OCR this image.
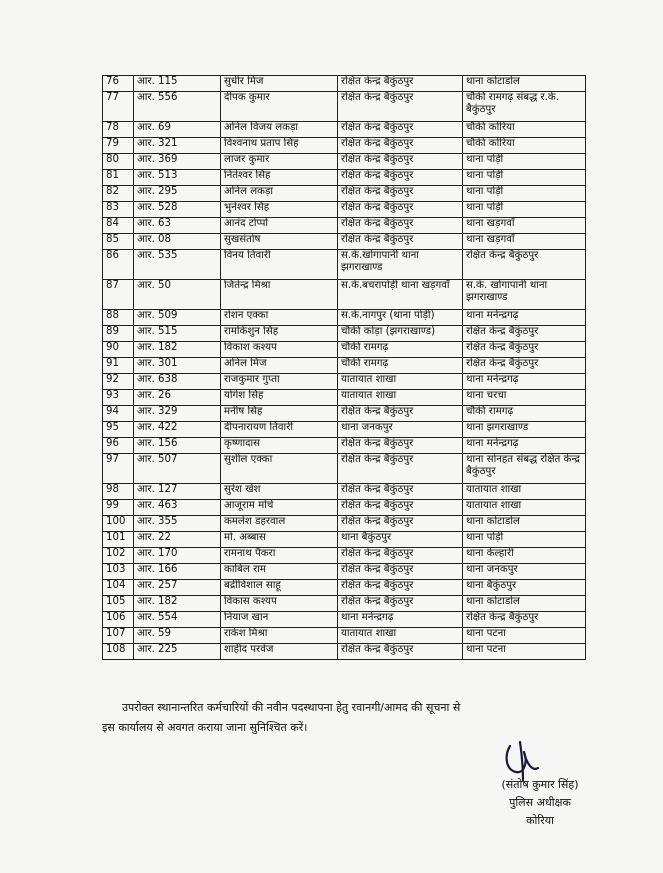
76	आर. 115	सुधीर मिंज	रक्षित केन्द्र बैकुंठपुर	थाना कोटाडोल
77	आर. 556	दीपक कुमार	रक्षित केन्द्र बैकुंठपुर	चौकी रामगढ़ संबद्ध र.के. बैकुंठपुर
78	आर. 69	अनिल विजय लकड़ा	रक्षित केन्द्र बैकुंठपुर	चौकी कोरिया
79	आर. 321	विश्वनाथ प्रताप सिंह	रक्षित केन्द्र बैकुंठपुर	चौकी कोरिया
80	आर. 369	लाजर कुमार	रक्षित केन्द्र बैकुंठपुर	थाना पोड़ी
81	आर. 513	नितेश्वर सिंह	रक्षित केन्द्र बैकुंठपुर	थाना पोड़ी
82	आर. 295	अनिल लकड़ा	रक्षित केन्द्र बैकुंठपुर	थाना पोड़ी
83	आर. 528	भुनेश्वर सिंह	रक्षित केन्द्र बैकुंठपुर	थाना पोड़ी
84	आर. 63	आनंद टोप्पो	रक्षित केन्द्र बैकुंठपुर	थाना खड़गवाँ
85	आर. 08	सुखसंतोष	रक्षित केन्द्र बैकुंठपुर	थाना खड़गवाँ
86	आर. 535	विनय तिवारी	स.के.खोंगापानी थाना झगराखाण्ड	रक्षित केन्द्र बैकुंठपुर
87	आर. 50	जितेन्द्र मिश्रा	स.के.बचरापोड़ी थाना खड़गवाँ	स.के. खोंगापानी थाना झगराखाण्ड
88	आर. 509	रोशन एक्का	स.के.नागपुर (थाना पोड़ी)	थाना मनेन्द्रगढ़
89	आर. 515	रामकिशुन सिंह	चौकी कोड़ा (झगराखाण्ड)	रक्षित केन्द्र बैकुंठपुर
90	आर. 182	विकाश कश्यप	चौकी रामगढ़	रक्षित केन्द्र बैकुंठपुर
91	आर. 301	अनिल मिंज	चौकी रामगढ़	रक्षित केन्द्र बैकुंठपुर
92	आर. 638	राजकुमार गुप्ता	यातायात शाखा	थाना मनेन्द्रगढ़
93	आर. 26	योगेश सिंह	यातायात शाखा	थाना चरचा
94	आर. 329	मनीष सिंह	रक्षित केन्द्र बैकुंठपुर	चौकी रामगढ़
95	आर. 422	दीपनारायण तिवारी	थाना जनकपुर	थाना झगराखाण्ड
96	आर. 156	कृष्णादास	रक्षित केन्द्र बैकुंठपुर	थाना मनेन्द्रगढ़
97	आर. 507	सुशील एक्का	रक्षित केन्द्र बैकुंठपुर	थाना सोनहत संबद्ध रक्षित केन्द्र बैकुंठपुर
98	आर. 127	सुरेश खेश	रक्षित केन्द्र बैकुंठपुर	यातायात शाखा
99	आर. 463	आजूराम मोर्चे	रक्षित केन्द्र बैकुंठपुर	यातायात शाखा
100	आर. 355	कमलेश डहरवाल	रक्षित केन्द्र बैकुंठपुर	थाना कोटाडोल
101	आर. 22	मो. अब्बास	थाना बैकुंठपुर	थाना पोड़ी
102	आर. 170	रामनाथ पैकरा	रक्षित केन्द्र बैकुंठपुर	थाना केल्हारी
103	आर. 166	काबिल राम	रक्षित केन्द्र बैकुंठपुर	थाना जनकपुर
104	आर. 257	बद्रीविशाल साहू	रक्षित केन्द्र बैकुंठपुर	थाना बैकुंठपुर
105	आर. 182	विकास कश्यप	रक्षित केन्द्र बैकुंठपुर	थाना कोटाडोल
106	आर. 554	नियाज खान	थाना मनेन्द्रगढ़	रक्षित केन्द्र बैकुंठपुर
107	आर. 59	राकेश मिश्रा	यातायात शाखा	थाना पटना
108	आर. 225	शाहीद परवेज	रक्षित केन्द्र बैकुंठपुर	थाना पटना

उपरोक्त स्थानान्तरित कर्मचारियों की नवीन पदस्थापना हेतु रवानगी/आमद की सूचना से

इस कार्यालय से अवगत कराया जाना सुनिश्चित करें।
(संतोष कुमार सिंह)
पुलिस अधीक्षक
कोरिया
